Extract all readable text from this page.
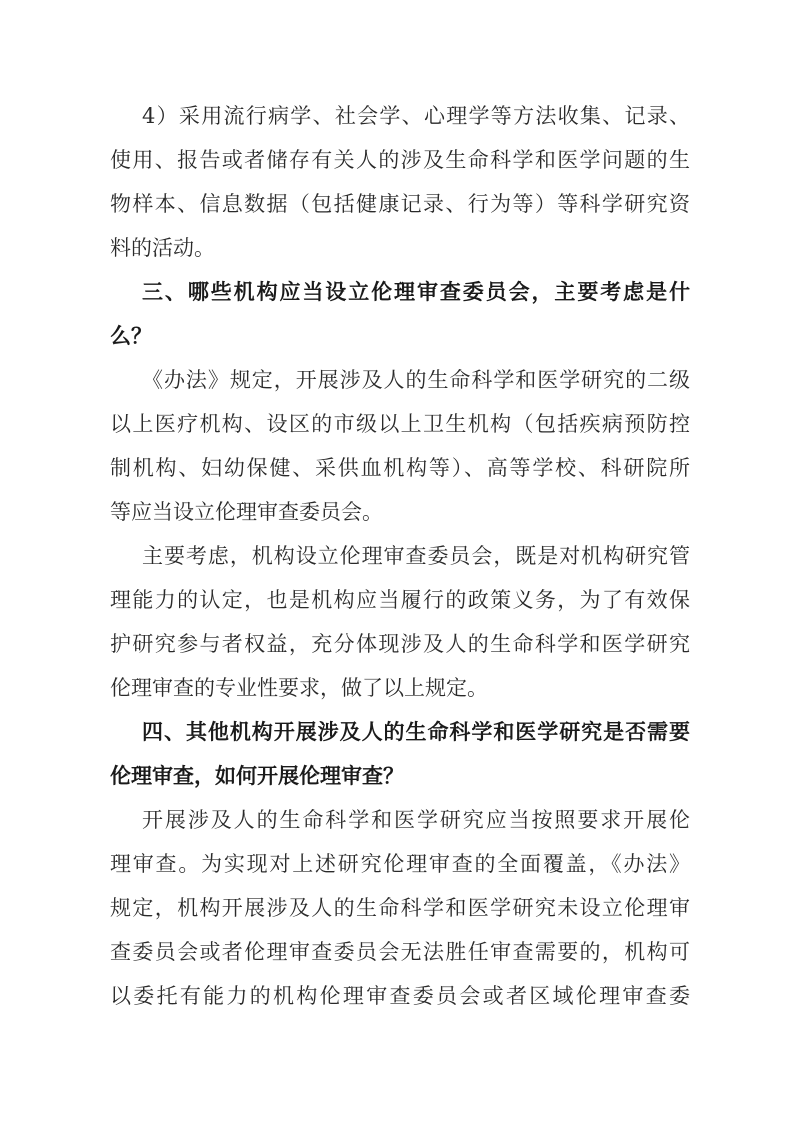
4）采用流行病学、社会学、心理学等方法收集、记录、
使用、报告或者储存有关人的涉及生命科学和医学问题的生
物样本、信息数据（包括健康记录、行为等）等科学研究资
料的活动。
三、哪些机构应当设立伦理审查委员会，主要考虑是什
么？
《办法》规定，开展涉及人的生命科学和医学研究的二级
以上医疗机构、设区的市级以上卫生机构（包括疾病预防控
制机构、妇幼保健、采供血机构等）、高等学校、科研院所
等应当设立伦理审查委员会。
主要考虑，机构设立伦理审查委员会，既是对机构研究管
理能力的认定，也是机构应当履行的政策义务，为了有效保
护研究参与者权益，充分体现涉及人的生命科学和医学研究
伦理审查的专业性要求，做了以上规定。
四、其他机构开展涉及人的生命科学和医学研究是否需要
伦理审查，如何开展伦理审查？
开展涉及人的生命科学和医学研究应当按照要求开展伦
理审查。为实现对上述研究伦理审查的全面覆盖，《办法》
规定，机构开展涉及人的生命科学和医学研究未设立伦理审
查委员会或者伦理审查委员会无法胜任审查需要的，机构可
以委托有能力的机构伦理审查委员会或者区域伦理审查委
